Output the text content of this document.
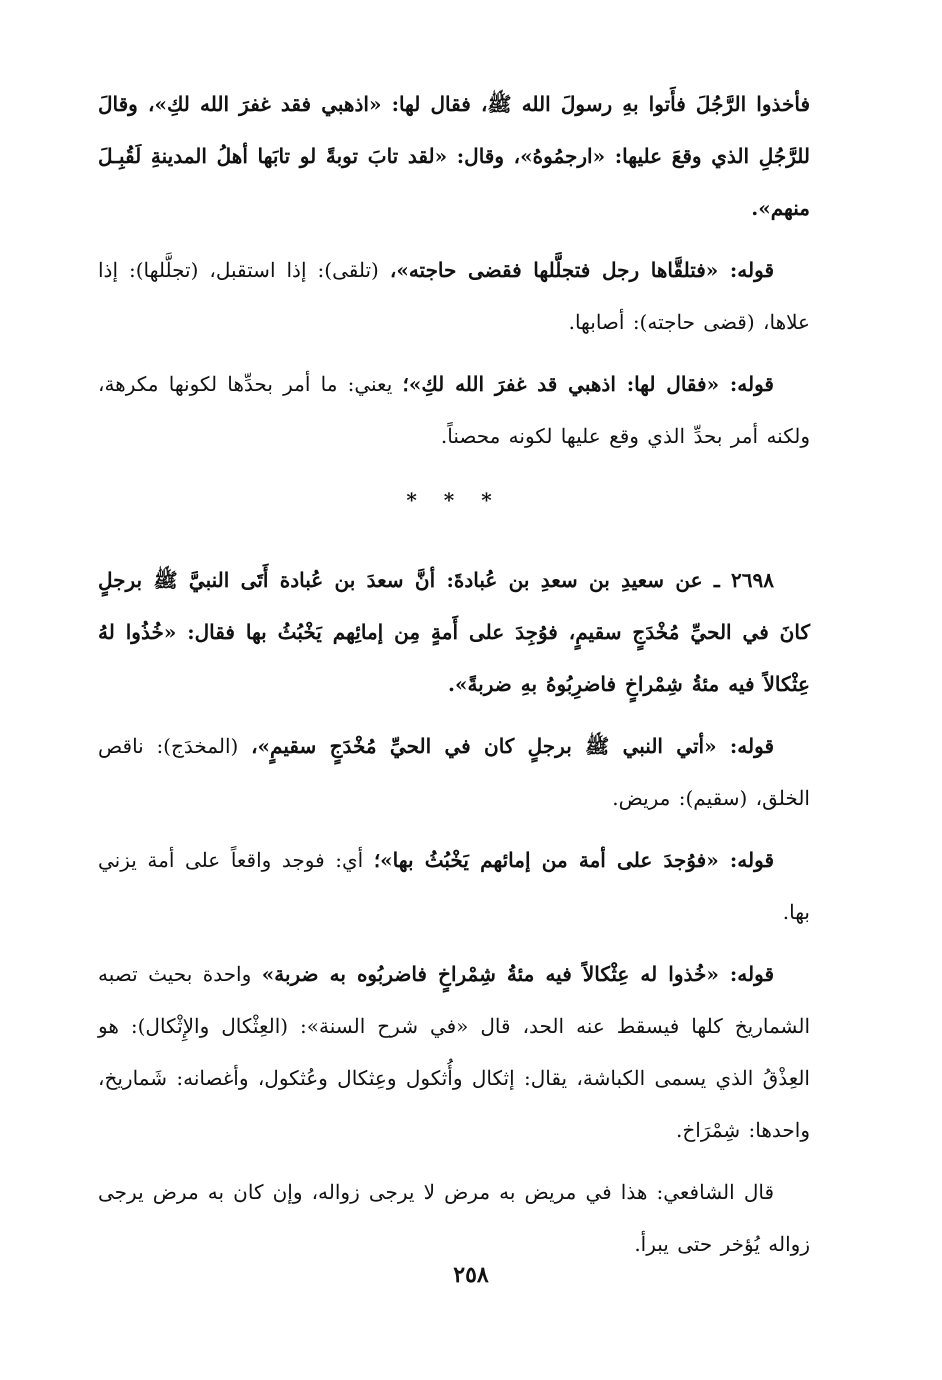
فأخذوا الرَّجُلَ فأَتوا بهِ رسولَ الله ﷺ، فقال لها: «اذهبي فقد غفرَ الله لكِ»، وقالَ للرَّجُلِ الذي وقعَ عليها: «ارجمُوهُ»، وقال: «لقد تابَ توبةً لو تابَها أهلُ المدينةِ لَقُبِـلَ منهم».

قوله: «فتلقَّاها رجل فتجلَّلها فقضى حاجته»، (تلقى): إذا استقبل، (تجلَّلها): إذا علاها، (قضى حاجته): أصابها.

قوله: «فقال لها: اذهبي قد غفرَ الله لكِ»؛ يعني: ما أمر بحدِّها لكونها مكرهة، ولكنه أمر بحدِّ الذي وقع عليها لكونه محصناً.

* * *

٢٦٩٨ ـ عن سعيدِ بن سعدِ بن عُبادةَ: أنَّ سعدَ بن عُبادة أَتَى النبيَّ ﷺ برجلٍ كانَ في الحيِّ مُخْدَجٍ سقيمٍ، فوُجِدَ على أَمةٍ مِن إمائِهم يَخْبُثُ بها فقال: «خُذُوا لهُ عِثْكالاً فيه مئةُ شِمْراخٍ فاضرِبُوهُ بهِ ضربةً».

قوله: «أتي النبي ﷺ برجلٍ كان في الحيِّ مُخْدَجٍ سقيمٍ»، (المخدَج): ناقص الخلق، (سقيم): مريض.

قوله: «فوُجدَ على أمة من إمائهم يَخْبُثُ بها»؛ أي: فوجد واقعاً على أمة يزني بها.

قوله: «خُذوا له عِثْكالاً فيه مئةُ شِمْراخٍ فاضربُوه به ضربة» واحدة بحيث تصبه الشماريخ كلها فيسقط عنه الحد، قال «في شرح السنة»: (العِثْكال والإِثْكال): هو العِذْقُ الذي يسمى الكباشة، يقال: إثكال وأُثكول وعِثكال وعُثكول، وأغصانه: شَماريخ، واحدها: شِمْرَاخ.

قال الشافعي: هذا في مريض به مرض لا يرجى زواله، وإن كان به مرض يرجى زواله يُؤخر حتى يبرأ.

٢٥٨
